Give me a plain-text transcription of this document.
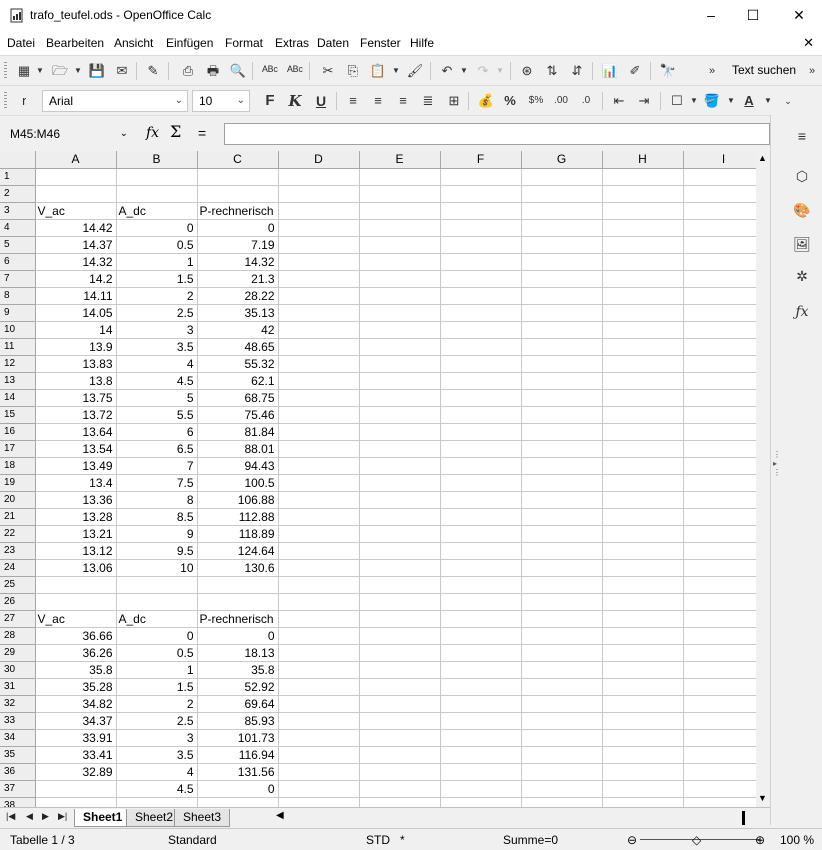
trafo_teufel.ods - OpenOffice Calc	–	☐	✕
Datei Bearbeiten Ansicht Einfügen Format Extras Daten Fenster Hilfe	✕
▦ ▼ 🗁 ▼ 💾 ✉	✎	⎙	🖶 🔍 ᴬᴮᶜ ᴬᴮᶜ	✂	⎘ 📋 ▼ 🖌	↶ ▼ ↷ ▼	⊛	⇅	⇵	📊 ✐	🔭	»	Text suchen	»
ꭇ	Arial	⌄	10 ⌄	F K	U	≡	≡	≡	≣	⊞	💰 %	$%	.00	.0	⇤	⇥	☐ ▼ 🪣 ▼ A	▼	⌄
M45:M46	⌄ fx Σ =	≡
⬡
🎨
🖼
✲
ƒx
⋮
▸
⋮
	A	B	C	D	E	F	G	H	I
1									
2									
3	V_ac	A_dc	P-rechnerisch						
4	14.42	0	0						
5	14.37	0.5	7.19						
6	14.32	1	14.32						
7	14.2	1.5	21.3						
8	14.11	2	28.22						
9	14.05	2.5	35.13						
10	14	3	42						
11	13.9	3.5	48.65						
12	13.83	4	55.32						
13	13.8	4.5	62.1						
14	13.75	5	68.75						
15	13.72	5.5	75.46						
16	13.64	6	81.84						
17	13.54	6.5	88.01						
18	13.49	7	94.43						
19	13.4	7.5	100.5						
20	13.36	8	106.88						
21	13.28	8.5	112.88						
22	13.21	9	118.89						
23	13.12	9.5	124.64						
24	13.06	10	130.6						
25									
26									
27	V_ac	A_dc	P-rechnerisch						
28	36.66	0	0						
29	36.26	0.5	18.13						
30	35.8	1	35.8						
31	35.28	1.5	52.92						
32	34.82	2	69.64						
33	34.37	2.5	85.93						
34	33.91	3	101.73						
35	33.41	3.5	116.94						
36	32.89	4	131.56						
37		4.5	0						
38									
▲
▼
|◀ ◀ ▶ ▶|	Sheet1	Sheet2 Sheet3	◀
Tabelle 1 / 3	Standard	STD *	Summe=0	⊖	◇	⊕ 100 %
